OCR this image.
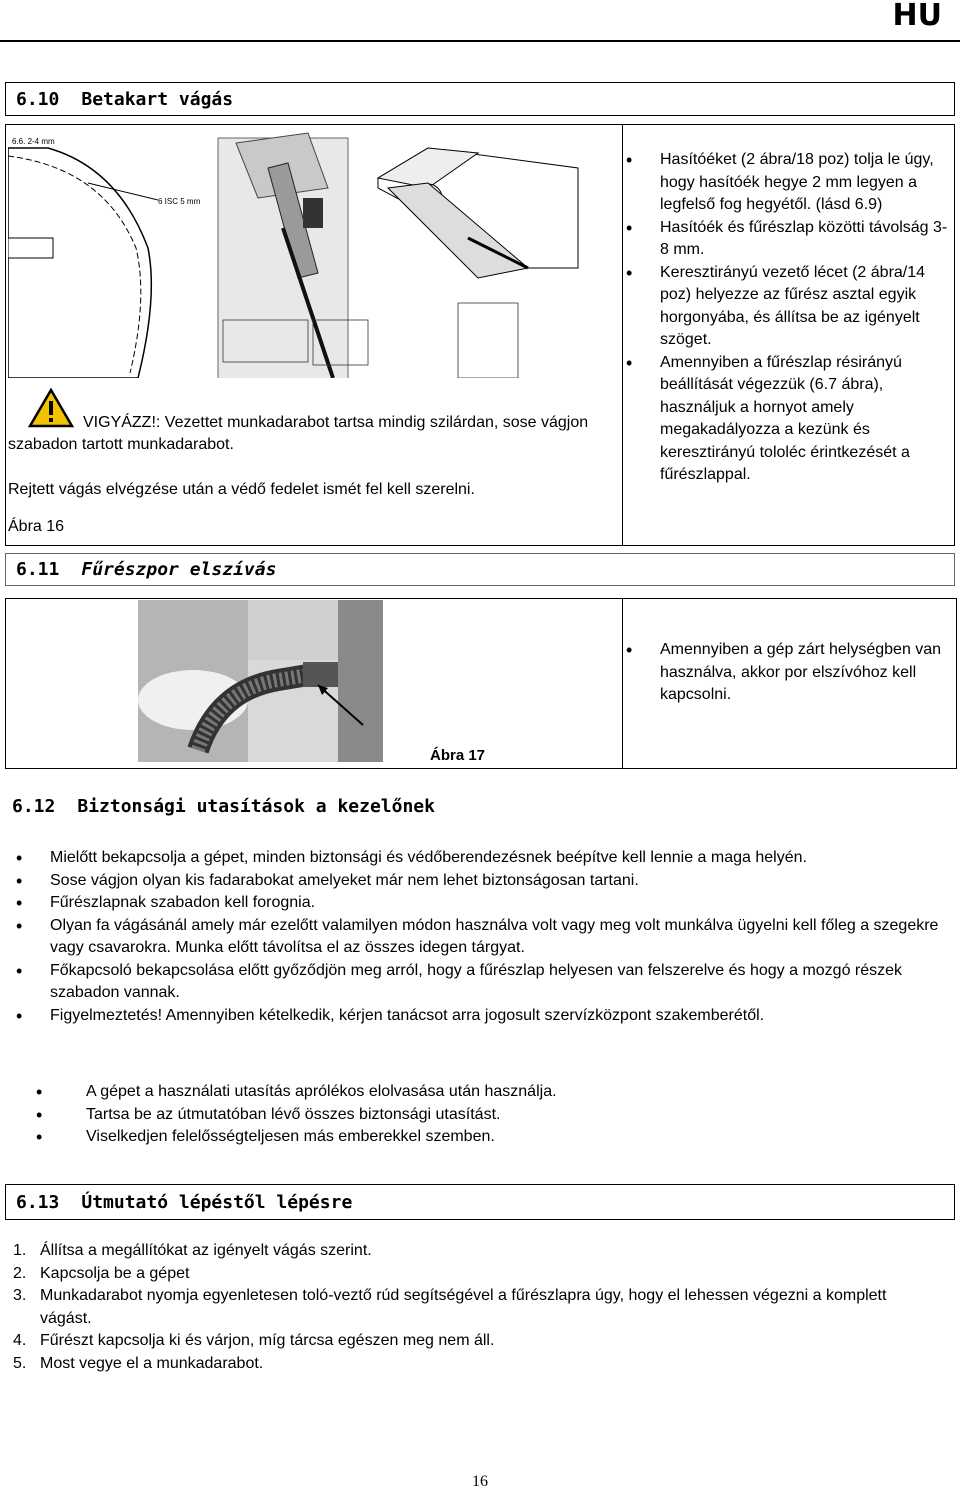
HU
6.10 Betakart vágás
6.6. 2-4 mm
6 ISC 5 mm
VIGYÁZZ!: Vezettet munkadarabot tartsa mindig szilárdan, sose vágjon szabadon tartott munkadarabot.
Rejtett vágás elvégzése után a védő fedelet ismét fel kell szerelni.
Ábra 16
• Hasítóéket (2 ábra/18 poz) tolja le úgy, hogy hasítóék hegye 2 mm legyen a legfelső fog hegyétől. (lásd 6.9)
• Hasítóék és fűrészlap közötti távolság 3-8 mm.
• Keresztirányú vezető lécet (2 ábra/14 poz) helyezze az fűrész asztal egyik horgonyába, és állítsa be az igényelt szöget.
• Amennyiben a fűrészlap résirányú beállítását végezzük (6.7 ábra), használjuk a hornyot amely megakadályozza a kezünk és keresztirányú tololéc érintkezését a fűrészlappal.
6.11 Fűrészpor elszívás
• Amennyiben a gép zárt helységben van használva, akkor por elszívóhoz kell kapcsolni.
Ábra 17
6.12 Biztonsági utasítások a kezelőnek
• Mielőtt bekapcsolja a gépet, minden biztonsági és védőberendezésnek beépítve kell lennie a maga helyén.
• Sose vágjon olyan kis fadarabokat amelyeket már nem lehet biztonságosan tartani.
• Fűrészlapnak szabadon kell forognia.
• Olyan fa vágásánál amely már ezelőtt valamilyen módon használva volt vagy meg volt munkálva ügyelni kell főleg a szegekre vagy csavarokra. Munka előtt távolítsa el az összes idegen tárgyat.
• Főkapcsoló bekapcsolása előtt győződjön meg arról, hogy a fűrészlap helyesen van felszerelve és hogy a mozgó részek szabadon vannak.
• Figyelmeztetés! Amennyiben kételkedik, kérjen tanácsot arra jogosult szervízközpont szakemberétől.
• A gépet a használati utasítás aprólékos elolvasása után használja.
• Tartsa be az útmutatóban lévő összes biztonsági utasítást.
• Viselkedjen felelősségteljesen más emberekkel szemben.
6.13 Útmutató lépéstől lépésre
1. Állítsa a megállítókat az igényelt vágás szerint.
2. Kapcsolja be a gépet
3. Munkadarabot nyomja egyenletesen toló-veztő rúd segítségével a fűrészlapra úgy, hogy el lehessen végezni a komplett vágást.
4. Fűrészt kapcsolja ki és várjon, míg tárcsa egészen meg nem áll.
5. Most vegye el a munkadarabot.
16
